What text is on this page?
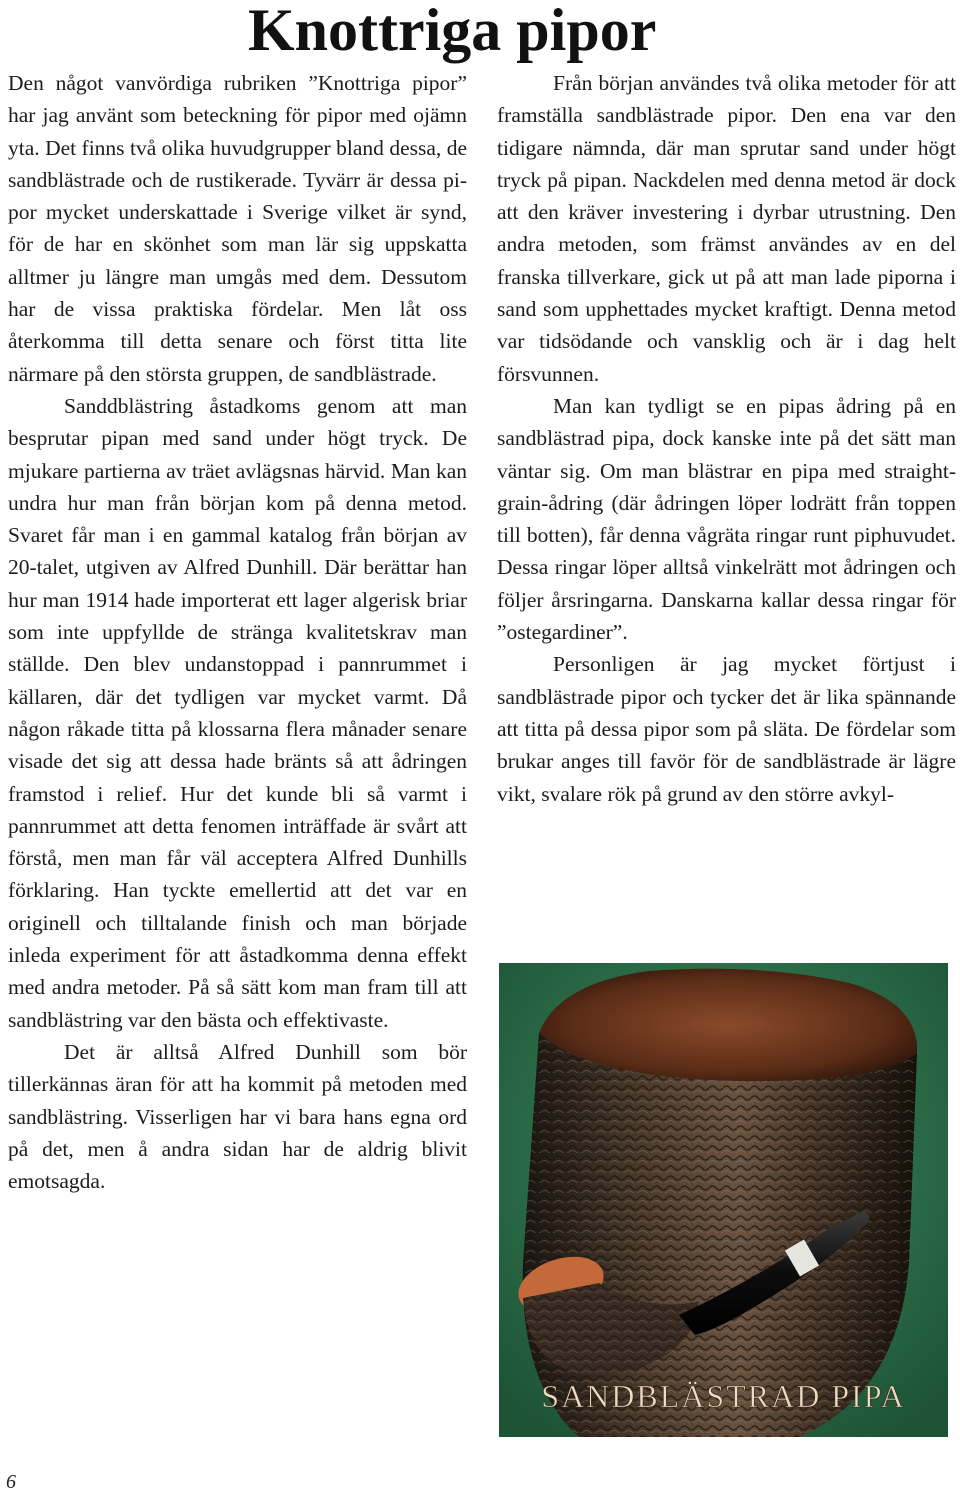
Knottriga pipor

Den något vanvördiga rubriken ”Knottriga pipor” har jag använt som beteckning för pipor med ojämn yta. Det finns två olika huvudgrupper bland dessa, de sandblästrade och de rustikerade. Tyvärr är dessa pipor mycket underskattade i Sverige vilket är synd, för de har en skönhet som man lär sig uppskatta alltmer ju längre man umgås med dem. Dessutom har de vissa praktiska fördelar. Men låt oss återkomma till detta senare och först titta lite närmare på den största gruppen, de sandblästrade.

Sanddblästring åstadkoms genom att man besprutar pipan med sand under högt tryck. De mjukare partierna av träet avlägsnas härvid. Man kan undra hur man från början kom på denna metod. Svaret får man i en gammal katalog från början av 20-talet, utgiven av Alfred Dunhill. Där berättar han hur man 1914 hade importerat ett lager algerisk briar som inte uppfyllde de stränga kvalitetskrav man ställde. Den blev undanstoppad i pannrummet i källaren, där det tydligen var mycket varmt. Då någon råkade titta på klossarna flera månader senare visade det sig att dessa hade bränts så att ådringen framstod i relief. Hur det kunde bli så varmt i pannrummet att detta fenomen inträffade är svårt att förstå, men man får väl acceptera Alfred Dunhills förklaring. Han tyckte emellertid att det var en originell och tilltalande finish och man började inleda experiment för att åstadkomma denna effekt med andra metoder. På så sätt kom man fram till att sandblästring var den bästa och effektivaste.

Det är alltså Alfred Dunhill som bör tillerkännas äran för att ha kommit på metoden med sandblästring. Visserligen har vi bara hans egna ord på det, men å andra sidan har de aldrig blivit emotsagda.

Från början användes två olika metoder för att framställa sandblästrade pipor. Den ena var den tidigare nämnda, där man sprutar sand under högt tryck på pipan. Nackdelen med denna metod är dock att den kräver investering i dyrbar utrustning. Den andra metoden, som främst användes av en del franska tillverkare, gick ut på att man lade piporna i sand som upphettades mycket kraftigt. Denna metod var tidsödande och vansklig och är i dag helt försvunnen.

Man kan tydligt se en pipas ådring på en sandblästrad pipa, dock kanske inte på det sätt man väntar sig. Om man blästrar en pipa med straight-grain-ådring (där ådringen löper lodrätt från toppen till botten), får denna vågräta ringar runt piphuvudet. Dessa ringar löper alltså vinkelrätt mot ådringen och följer årsringarna. Danskarna kallar dessa ringar för ”ostegardiner”.

Personligen är jag mycket förtjust i sandblästrade pipor och tycker det är lika spännande att titta på dessa pipor som på släta. De fördelar som brukar anges till favör för de sandblästrade är lägre vikt, svalare rök på grund av den större avkyl-

SANDBLÄSTRAD PIPA
6
